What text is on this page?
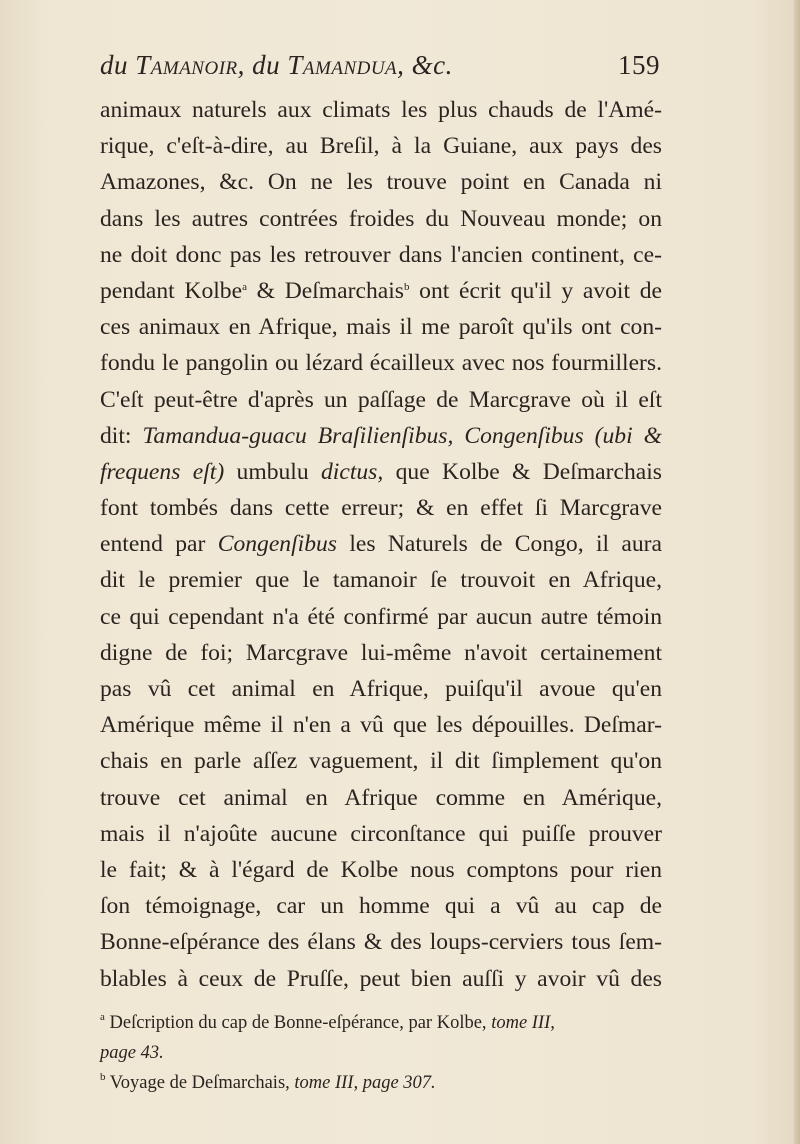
du Tamanoir, du Tamandua, &c.	159
animaux naturels aux climats les plus chauds de l'Amé-
rique, c'eſt-à-dire, au Breſil, à la Guiane, aux pays des
Amazones, &c. On ne les trouve point en Canada ni
dans les autres contrées froides du Nouveau monde; on
ne doit donc pas les retrouver dans l'ancien continent, ce-
pendant Kolbe$^a$ & Deſmarchais$^b$ ont écrit qu'il y avoit de
ces animaux en Afrique, mais il me paroît qu'ils ont con-
fondu le pangolin ou lézard écailleux avec nos fourmillers.
C'eſt peut-être d'après un paſſage de Marcgrave où il eſt
dit: Tamandua-guacu Braſilienſibus, Congenſibus (ubi &
frequens eſt) umbulu dictus, que Kolbe & Deſmarchais
font tombés dans cette erreur; & en effet ſi Marcgrave
entend par Congenſibus les Naturels de Congo, il aura
dit le premier que le tamanoir ſe trouvoit en Afrique,
ce qui cependant n'a été confirmé par aucun autre témoin
digne de foi; Marcgrave lui-même n'avoit certainement
pas vû cet animal en Afrique, puiſqu'il avoue qu'en
Amérique même il n'en a vû que les dépouilles. Deſmar-
chais en parle aſſez vaguement, il dit ſimplement qu'on
trouve cet animal en Afrique comme en Amérique,
mais il n'ajoûte aucune circonſtance qui puiſſe prouver
le fait; & à l'égard de Kolbe nous comptons pour rien
ſon témoignage, car un homme qui a vû au cap de
Bonne-eſpérance des élans & des loups-cerviers tous ſem-
blables à ceux de Pruſſe, peut bien auſſi y avoir vû des
$^a$ Deſcription du cap de Bonne-eſpérance, par Kolbe, tome III,
page 43.
$^b$ Voyage de Deſmarchais, tome III, page 307.
